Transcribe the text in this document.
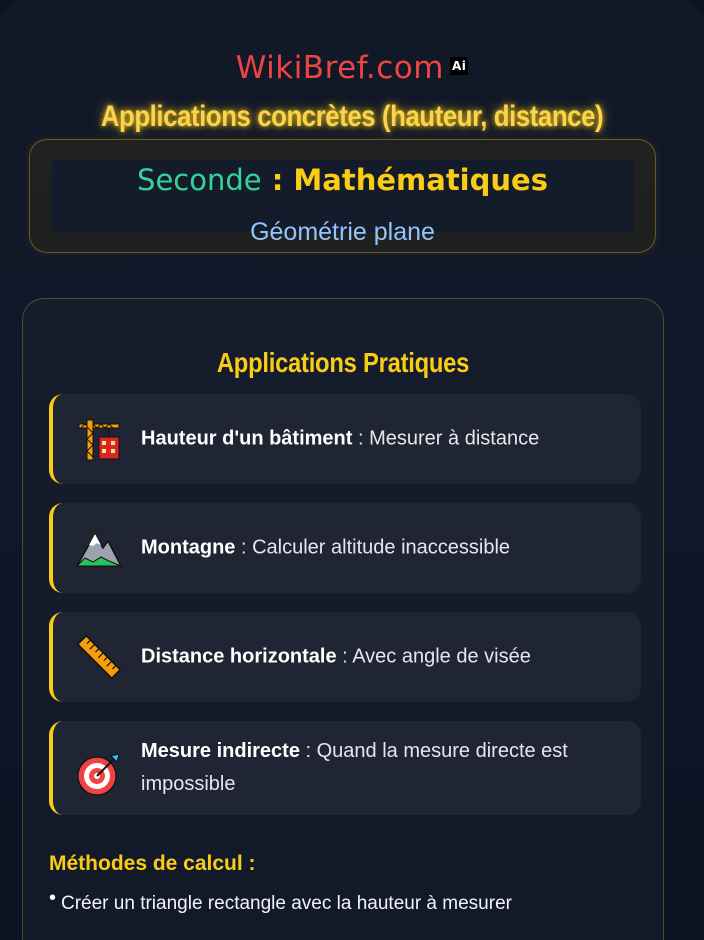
WikiBref.com Ai
Applications concrètes (hauteur, distance)
Seconde : Mathématiques
Géométrie plane
Applications Pratiques
Hauteur d'un bâtiment : Mesurer à distance
Montagne : Calculer altitude inaccessible
Distance horizontale : Avec angle de visée
Mesure indirecte : Quand la mesure directe est impossible
Méthodes de calcul :
• Créer un triangle rectangle avec la hauteur à mesurer
